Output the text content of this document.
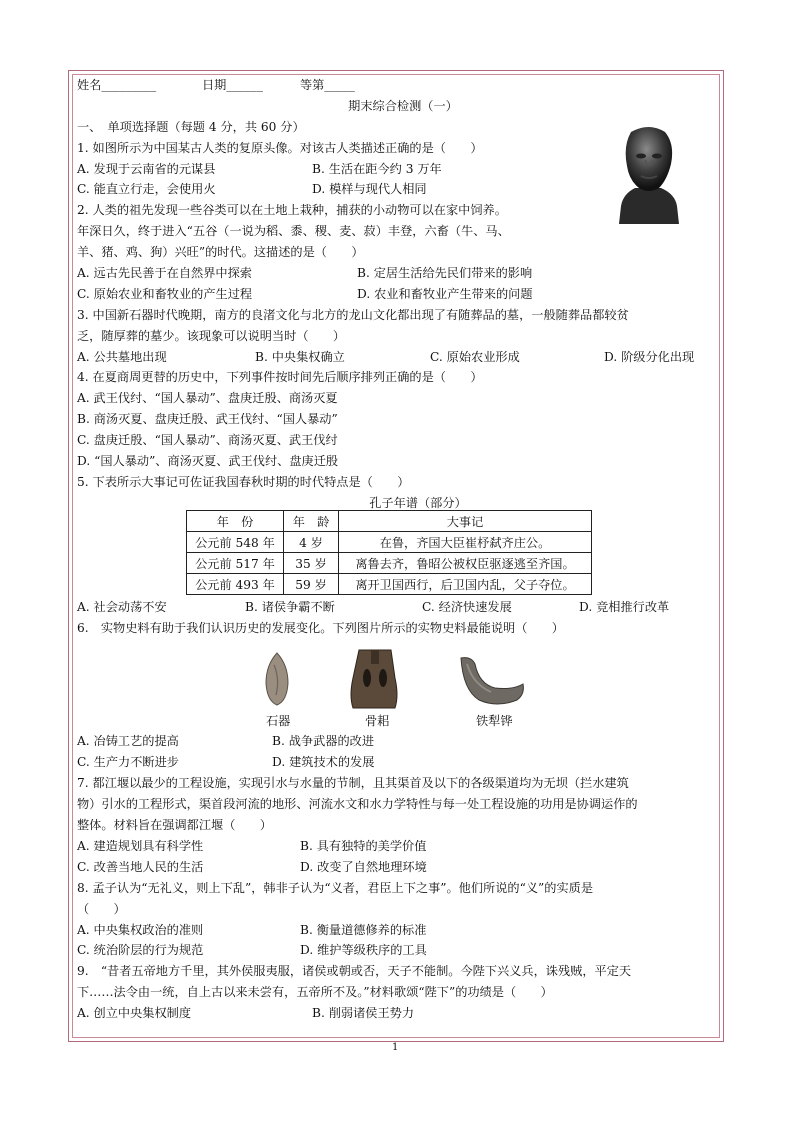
姓名_________	日期______	等第_____
期末综合检测（一）
一、　单项选择题（每题 4 分，共 60 分）
1. 如图所示为中国某古人类的复原头像。对该古人类描述正确的是（　　）
A. 发现于云南省的元谋县	B. 生活在距今约 3 万年
C. 能直立行走，会使用火	D. 模样与现代人相同
2. 人类的祖先发现一些谷类可以在土地上栽种，捕获的小动物可以在家中饲养。
年深日久，终于进入“五谷（一说为稻、黍、稷、麦、菽）丰登，六畜（牛、马、
羊、猪、鸡、狗）兴旺”的时代。这描述的是（　　）
A. 远古先民善于在自然界中探索	B. 定居生活给先民们带来的影响
C. 原始农业和畜牧业的产生过程	D. 农业和畜牧业产生带来的问题
3. 中国新石器时代晚期，南方的良渚文化与北方的龙山文化都出现了有随葬品的墓，一般随葬品都较贫
乏，随厚葬的墓少。该现象可以说明当时（　　）
A. 公共墓地出现	B. 中央集权确立	C. 原始农业形成	D. 阶级分化出现
4. 在夏商周更替的历史中，下列事件按时间先后顺序排列正确的是（　　）
A. 武王伐纣、“国人暴动”、盘庚迁殷、商汤灭夏
B. 商汤灭夏、盘庚迁殷、武王伐纣、“国人暴动”
C. 盘庚迁殷、“国人暴动”、商汤灭夏、武王伐纣
D. “国人暴动”、商汤灭夏、武王伐纣、盘庚迁殷
5. 下表所示大事记可佐证我国春秋时期的时代特点是（　　）
孔子年谱（部分）
A. 社会动荡不安	B. 诸侯争霸不断	C. 经济快速发展	D. 竞相推行改革
6.　实物史料有助于我们认识历史的发展变化。下列图片所示的实物史料最能说明（　　）
A. 冶铸工艺的提高	B. 战争武器的改进
C. 生产力不断进步	D. 建筑技术的发展
7. 都江堰以最少的工程设施，实现引水与水量的节制，且其渠首及以下的各级渠道均为无坝（拦水建筑
物）引水的工程形式，渠首段河流的地形、河流水文和水力学特性与每一处工程设施的功用是协调运作的
整体。材料旨在强调都江堰（　　）
A. 建造规划具有科学性	B. 具有独特的美学价值
C. 改善当地人民的生活	D. 改变了自然地理环境
8. 孟子认为“无礼义，则上下乱”，韩非子认为“义者，君臣上下之事”。他们所说的“义”的实质是
（　　）
A. 中央集权政治的准则	B. 衡量道德修养的标准
C. 统治阶层的行为规范	D. 维护等级秩序的工具
9.　“昔者五帝地方千里，其外侯服夷服，诸侯或朝或否，天子不能制。今陛下兴义兵，诛残贼，平定天
下……法令由一统，自上古以来未尝有，五帝所不及。”材料歌颂“陛下”的功绩是（　　）
A. 创立中央集权制度	B. 削弱诸侯王势力
年　份	年　龄	大事记
公元前 548 年	4 岁	在鲁，齐国大臣崔杼弑齐庄公。
公元前 517 年	35 岁	离鲁去齐，鲁昭公被权臣驱逐逃至齐国。
公元前 493 年	59 岁	离开卫国西行，后卫国内乱，父子夺位。
石器	骨耜	铁犁铧
1
